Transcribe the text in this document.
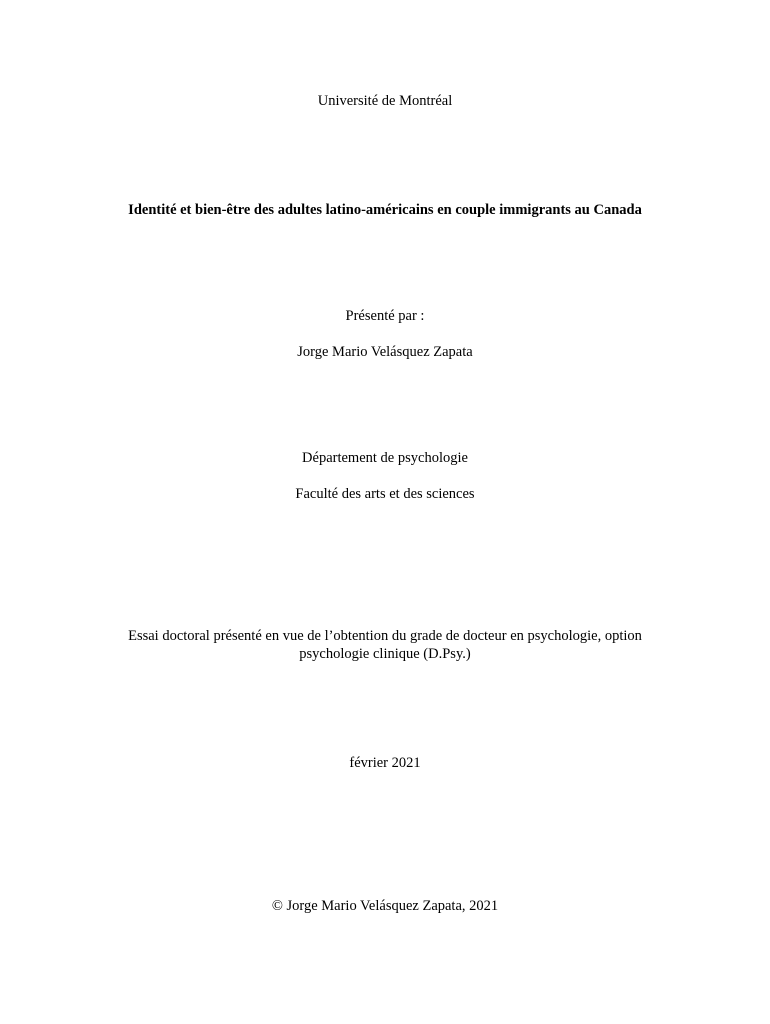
Université de Montréal
Identité et bien-être des adultes latino-américains en couple immigrants au Canada
Présenté par :
Jorge Mario Velásquez Zapata
Département de psychologie
Faculté des arts et des sciences
Essai doctoral présenté en vue de l’obtention du grade de docteur en psychologie, option
psychologie clinique (D.Psy.)
février 2021
© Jorge Mario Velásquez Zapata, 2021
